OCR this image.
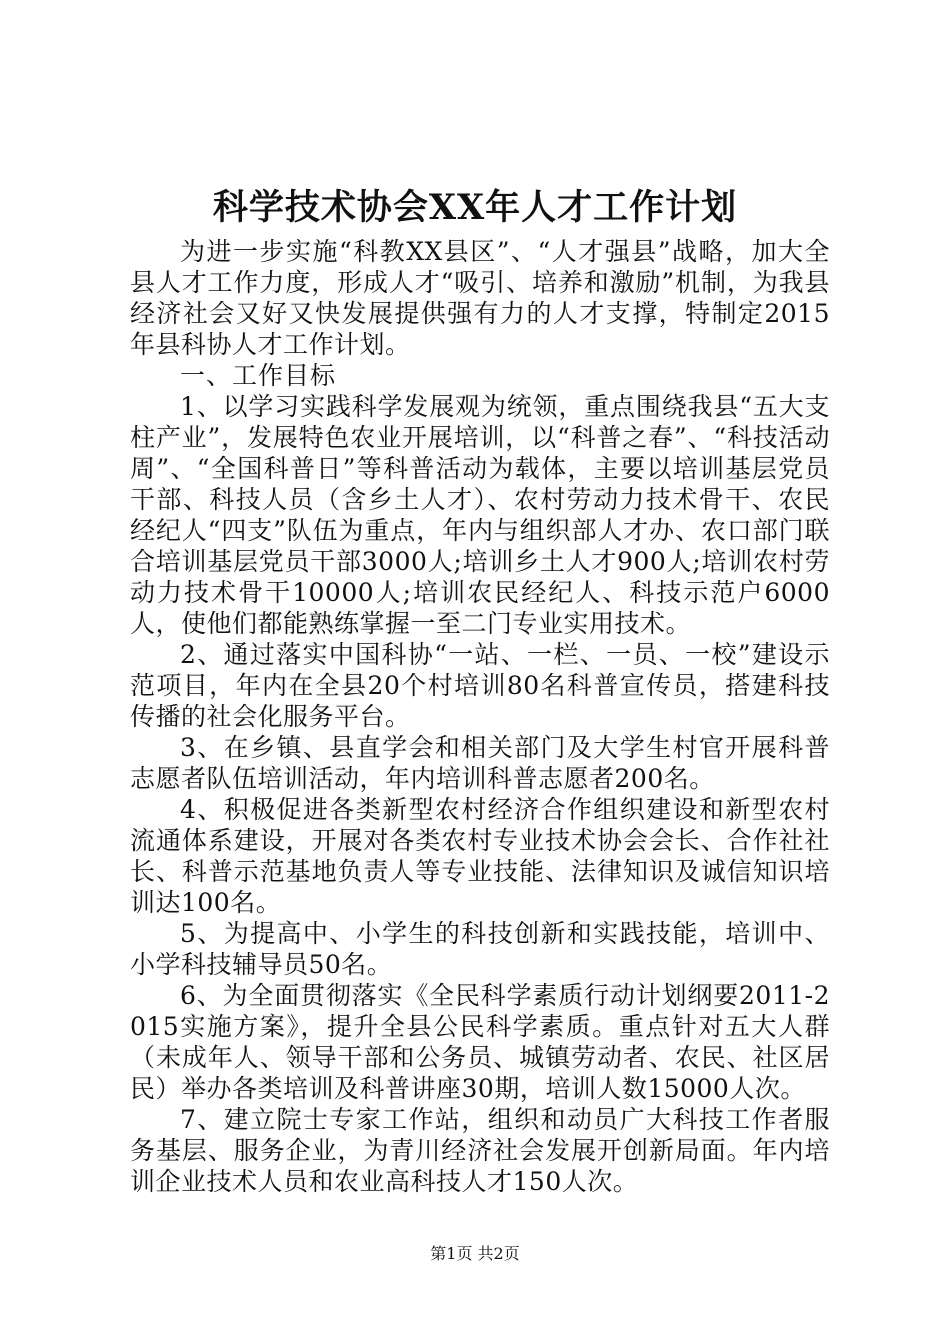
科学技术协会XX年人才工作计划

为进一步实施“科教XX县区”、“人才强县”战略，加大全县人才工作力度，形成人才“吸引、培养和激励”机制，为我县经济社会又好又快发展提供强有力的人才支撑，特制定2015年县科协人才工作计划。

一、工作目标

1、以学习实践科学发展观为统领，重点围绕我县“五大支柱产业”，发展特色农业开展培训，以“科普之春”、“科技活动周”、“全国科普日”等科普活动为载体，主要以培训基层党员干部、科技人员（含乡土人才）、农村劳动力技术骨干、农民经纪人“四支”队伍为重点，年内与组织部人才办、农口部门联合培训基层党员干部3000人;培训乡土人才900人;培训农村劳动力技术骨干10000人;培训农民经纪人、科技示范户6000人，使他们都能熟练掌握一至二门专业实用技术。

2、通过落实中国科协“一站、一栏、一员、一校”建设示范项目，年内在全县20个村培训80名科普宣传员，搭建科技传播的社会化服务平台。

3、在乡镇、县直学会和相关部门及大学生村官开展科普志愿者队伍培训活动，年内培训科普志愿者200名。

4、积极促进各类新型农村经济合作组织建设和新型农村流通体系建设，开展对各类农村专业技术协会会长、合作社社长、科普示范基地负责人等专业技能、法律知识及诚信知识培训达100名。

5、为提高中、小学生的科技创新和实践技能，培训中、小学科技辅导员50名。

6、为全面贯彻落实《全民科学素质行动计划纲要2011-2015实施方案》，提升全县公民科学素质。重点针对五大人群（未成年人、领导干部和公务员、城镇劳动者、农民、社区居民）举办各类培训及科普讲座30期，培训人数15000人次。

7、建立院士专家工作站，组织和动员广大科技工作者服务基层、服务企业，为青川经济社会发展开创新局面。年内培训企业技术人员和农业高科技人才150人次。

第1页 共2页
